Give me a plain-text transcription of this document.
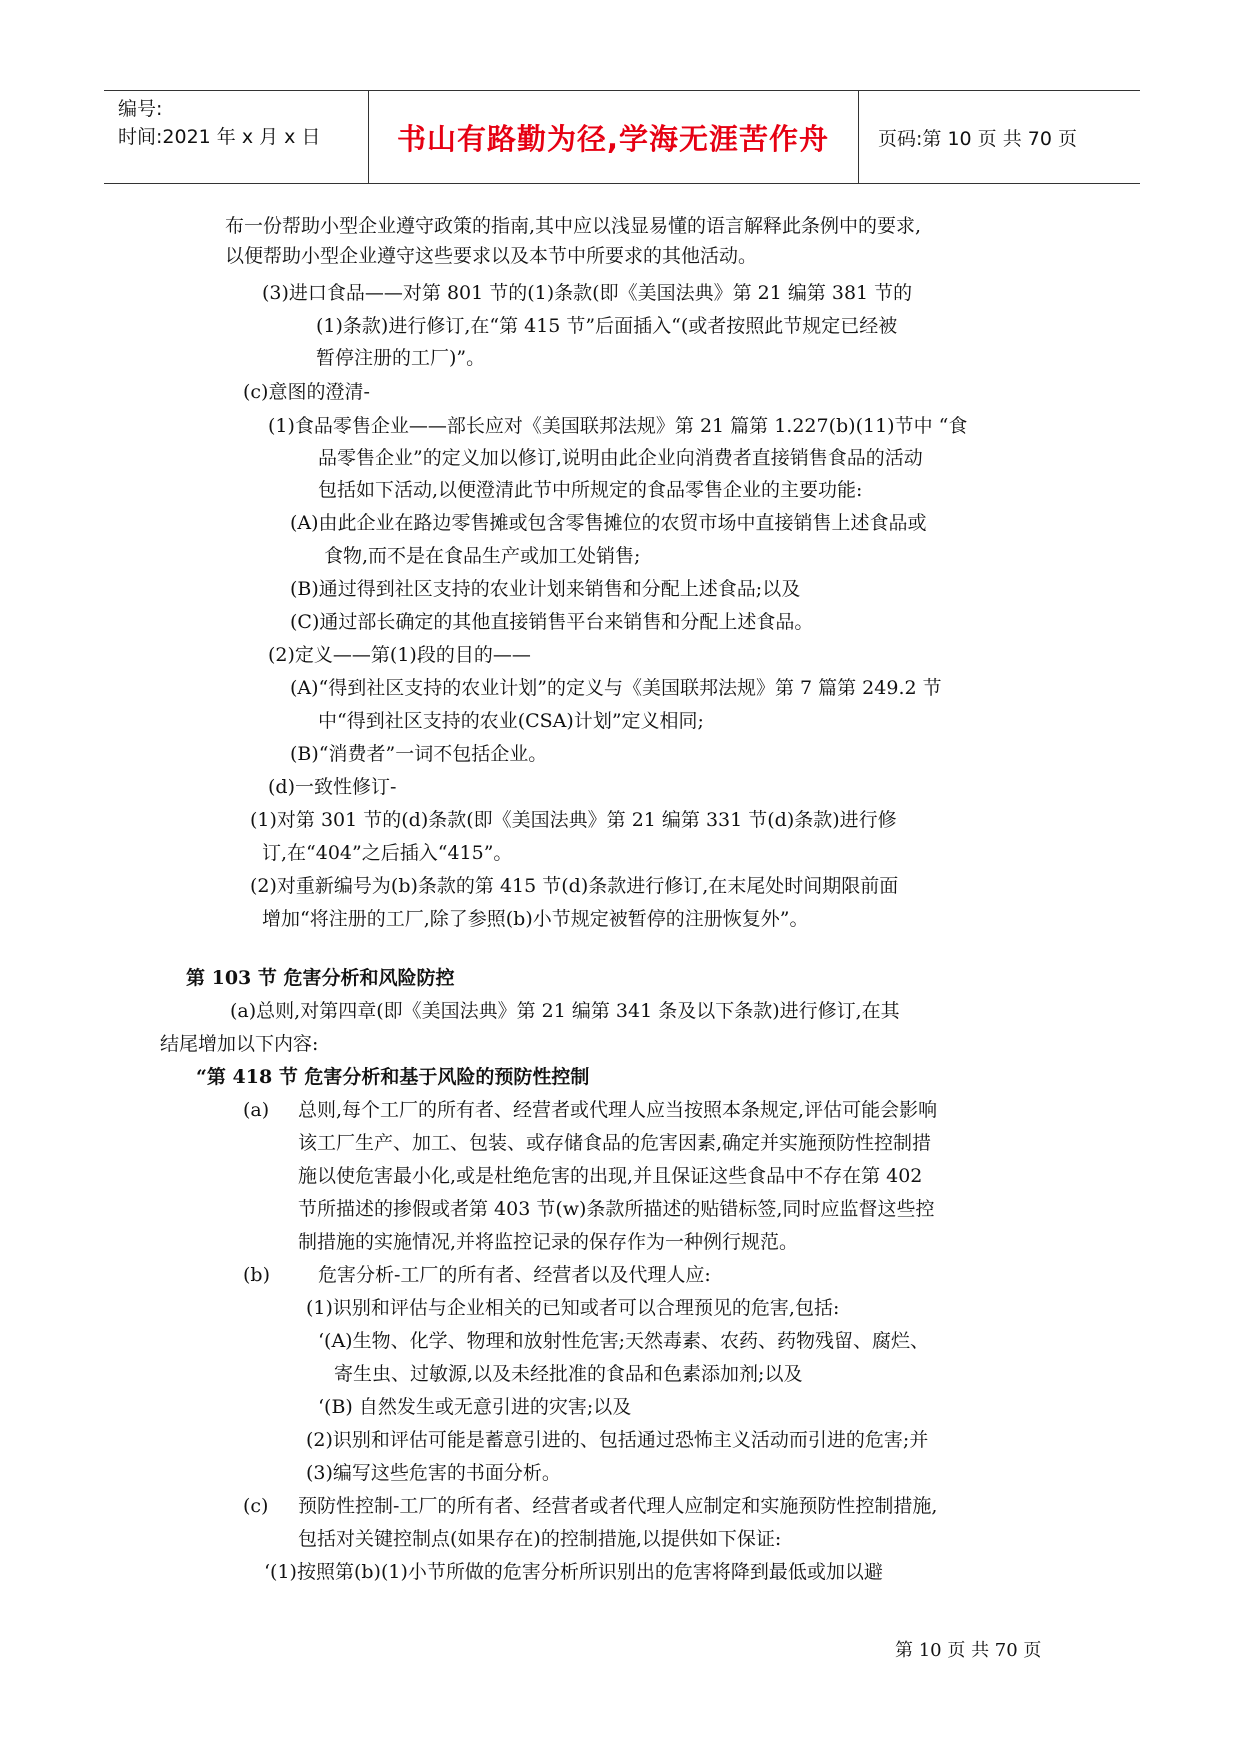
编号:
时间:2021 年 x 月 x 日	书山有路勤为径,学海无涯苦作舟	页码:第 10 页 共 70 页
布一份帮助小型企业遵守政策的指南,其中应以浅显易懂的语言解释此条例中的要求,
以便帮助小型企业遵守这些要求以及本节中所要求的其他活动。
(3)进口食品——对第 801 节的(1)条款(即《美国法典》第 21 编第 381 节的
(1)条款)进行修订,在“第 415 节”后面插入“(或者按照此节规定已经被
暂停注册的工厂)”。
(c)意图的澄清-
(1)食品零售企业——部长应对《美国联邦法规》第 21 篇第 1.227(b)(11)节中 “食
品零售企业”的定义加以修订,说明由此企业向消费者直接销售食品的活动
包括如下活动,以便澄清此节中所规定的食品零售企业的主要功能:
(A)由此企业在路边零售摊或包含零售摊位的农贸市场中直接销售上述食品或
食物,而不是在食品生产或加工处销售;
(B)通过得到社区支持的农业计划来销售和分配上述食品;以及
(C)通过部长确定的其他直接销售平台来销售和分配上述食品。
(2)定义——第(1)段的目的——
(A)“得到社区支持的农业计划”的定义与《美国联邦法规》第 7 篇第 249.2 节
中“得到社区支持的农业(CSA)计划”定义相同;
(B)“消费者”一词不包括企业。
(d)一致性修订-
(1)对第 301 节的(d)条款(即《美国法典》第 21 编第 331 节(d)条款)进行修
订,在“404”之后插入“415”。
(2)对重新编号为(b)条款的第 415 节(d)条款进行修订,在末尾处时间期限前面
增加“将注册的工厂,除了参照(b)小节规定被暂停的注册恢复外”。
第 103 节 危害分析和风险防控
(a)总则,对第四章(即《美国法典》第 21 编第 341 条及以下条款)进行修订,在其
结尾增加以下内容:
“第 418 节 危害分析和基于风险的预防性控制
(a) 总则,每个工厂的所有者、经营者或代理人应当按照本条规定,评估可能会影响
该工厂生产、加工、包装、或存储食品的危害因素,确定并实施预防性控制措
施以使危害最小化,或是杜绝危害的出现,并且保证这些食品中不存在第 402
节所描述的掺假或者第 403 节(w)条款所描述的贴错标签,同时应监督这些控
制措施的实施情况,并将监控记录的保存作为一种例行规范。
(b)	危害分析-工厂的所有者、经营者以及代理人应:
(1)识别和评估与企业相关的已知或者可以合理预见的危害,包括:
‘(A)生物、化学、物理和放射性危害;天然毒素、农药、药物残留、腐烂、
寄生虫、过敏源,以及未经批准的食品和色素添加剂;以及
‘(B) 自然发生或无意引进的灾害;以及
(2)识别和评估可能是蓄意引进的、包括通过恐怖主义活动而引进的危害;并
(3)编写这些危害的书面分析。
(c) 预防性控制-工厂的所有者、经营者或者代理人应制定和实施预防性控制措施,
包括对关键控制点(如果存在)的控制措施,以提供如下保证:
‘(1)按照第(b)(1)小节所做的危害分析所识别出的危害将降到最低或加以避
第 10 页 共 70 页
